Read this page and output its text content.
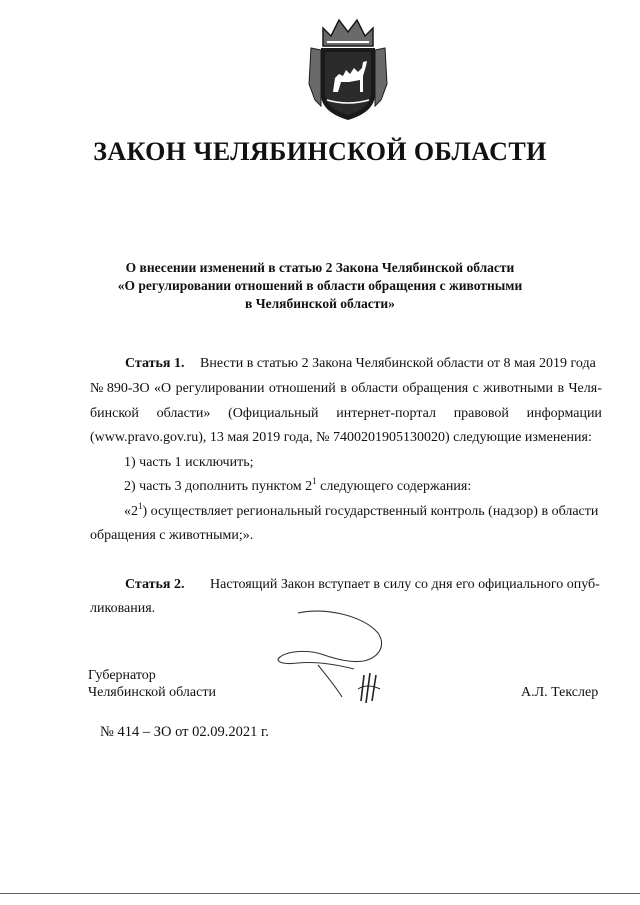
ЗАКОН ЧЕЛЯБИНСКОЙ ОБЛАСТИ
О внесении изменений в статью 2 Закона Челябинской области
«О регулировании отношений в области обращения с животными
в Челябинской области»
Статья 1. Внести в статью 2 Закона Челябинской области от 8 мая 2019 года
№ 890-ЗО «О регулировании отношений в области обращения с животными в Челя-
бинской области» (Официальный интернет-портал правовой информации
(www.pravo.gov.ru), 13 мая 2019 года, № 7400201905130020) следующие изменения:
1) часть 1 исключить;
2) часть 3 дополнить пунктом $2^1$ следующего содержания:
«$2^1$) осуществляет региональный государственный контроль (надзор) в области
обращения с животными;».
Статья 2. Настоящий Закон вступает в силу со дня его официального опуб-
ликования.
Губернатор
Челябинской области	А.Л. Текслер
№ 414 – ЗО от 02.09.2021 г.
